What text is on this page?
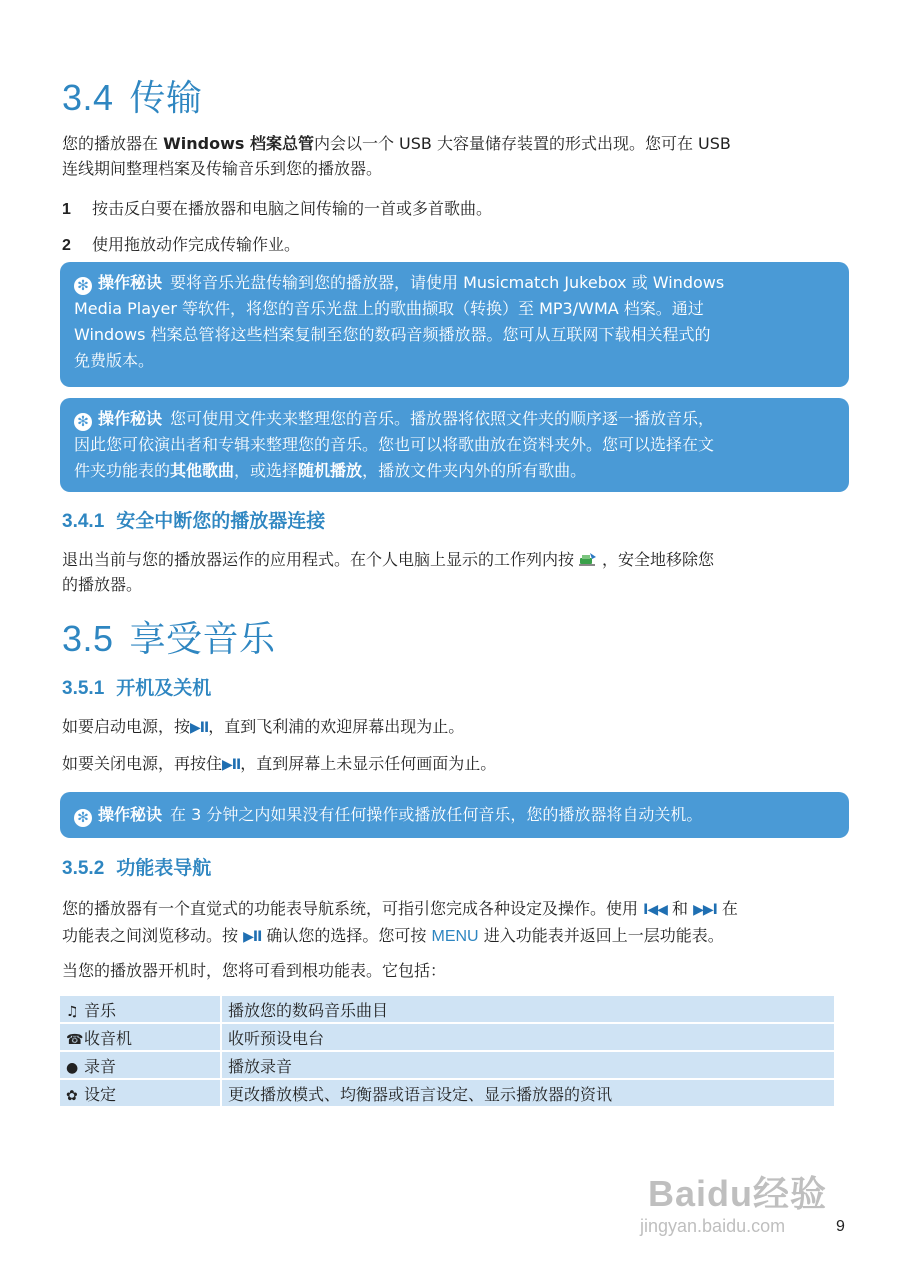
3.4 传输
您的播放器在 Windows 档案总管内会以一个 USB 大容量储存装置的形式出现。您可在 USB
连线期间整理档案及传输音乐到您的播放器。
1 按击反白要在播放器和电脑之间传输的一首或多首歌曲。
2 使用拖放动作完成传输作业。
✻ 操作秘诀 要将音乐光盘传输到您的播放器，请使用 Musicmatch Jukebox 或 Windows
Media Player 等软件，将您的音乐光盘上的歌曲撷取（转换）至 MP3/WMA 档案。通过
Windows 档案总管将这些档案复制至您的数码音频播放器。您可从互联网下载相关程式的
免费版本。
✻ 操作秘诀 您可使用文件夹来整理您的音乐。播放器将依照文件夹的顺序逐一播放音乐，
因此您可依演出者和专辑来整理您的音乐。您也可以将歌曲放在资料夹外。您可以选择在文
件夹功能表的其他歌曲，或选择随机播放，播放文件夹内外的所有歌曲。
3.4.1 安全中断您的播放器连接
退出当前与您的播放器运作的应用程式。在个人电脑上显示的工作列内按 ，安全地移除您
的播放器。
3.5 享受音乐
3.5.1 开机及关机
如要启动电源，按▶II，直到飞利浦的欢迎屏幕出现为止。
如要关闭电源，再按住▶II，直到屏幕上未显示任何画面为止。
✻ 操作秘诀 在 3 分钟之内如果没有任何操作或播放任何音乐，您的播放器将自动关机。
3.5.2 功能表导航
您的播放器有一个直觉式的功能表导航系统，可指引您完成各种设定及操作。使用 I◀◀ 和 ▶▶I 在
功能表之间浏览移动。按 ▶II 确认您的选择。您可按 MENU 进入功能表并返回上一层功能表。
当您的播放器开机时，您将可看到根功能表。它包括：
♫ 音乐	播放您的数码音乐曲目
☎收音机	收听预设电台
● 录音	播放录音
✿ 设定	更改播放模式、均衡器或语言设定、显示播放器的资讯
Baidu经验
jingyan.baidu.com	9
